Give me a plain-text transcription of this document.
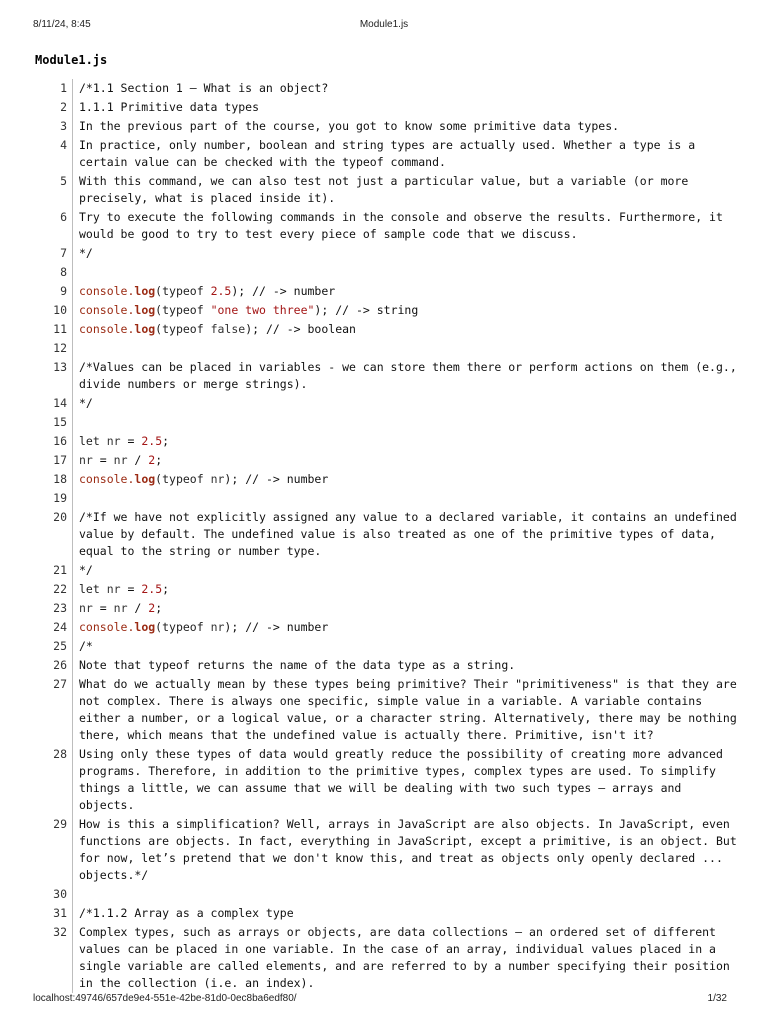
8/11/24, 8:45	Module1.js
Module1.js
1	/*1.1 Section 1 – What is an object?
2	1.1.1 Primitive data types
3	In the previous part of the course, you got to know some primitive data types.
4	In practice, only number, boolean and string types are actually used. Whether a type is a certain value can be checked with the typeof command.
5	With this command, we can also test not just a particular value, but a variable (or more precisely, what is placed inside it).
6	Try to execute the following commands in the console and observe the results. Furthermore, it would be good to try to test every piece of sample code that we discuss.
7	*/
8

9	console.log(typeof 2.5); // -> number
10	console.log(typeof "one two three"); // -> string
11	console.log(typeof false); // -> boolean
12

13	/*Values can be placed in variables - we can store them there or perform actions on them (e.g., divide numbers or merge strings).
14	*/
15

16	let nr = 2.5;
17	nr = nr / 2;
18	console.log(typeof nr); // -> number
19

20	/*If we have not explicitly assigned any value to a declared variable, it contains an undefined value by default. The undefined value is also treated as one of the primitive types of data, equal to the string or number type.
21	*/
22	let nr = 2.5;
23	nr = nr / 2;
24	console.log(typeof nr); // -> number
25	/*
26	Note that typeof returns the name of the data type as a string.
27	What do we actually mean by these types being primitive? Their "primitiveness" is that they are not complex. There is always one specific, simple value in a variable. A variable contains either a number, or a logical value, or a character string. Alternatively, there may be nothing there, which means that the undefined value is actually there. Primitive, isn't it?
28	Using only these types of data would greatly reduce the possibility of creating more advanced programs. Therefore, in addition to the primitive types, complex types are used. To simplify things a little, we can assume that we will be dealing with two such types – arrays and objects.
29	How is this a simplification? Well, arrays in JavaScript are also objects. In JavaScript, even functions are objects. In fact, everything in JavaScript, except a primitive, is an object. But for now, let’s pretend that we don't know this, and treat as objects only openly declared ... objects.*/
30

31	/*1.1.2 Array as a complex type
32	Complex types, such as arrays or objects, are data collections – an ordered set of different values can be placed in one variable. In the case of an array, individual values placed in a single variable are called elements, and are referred to by a number specifying their position in the collection (i.e. an index).
localhost:49746/657de9e4-551e-42be-81d0-0ec8ba6edf80/	1/32
